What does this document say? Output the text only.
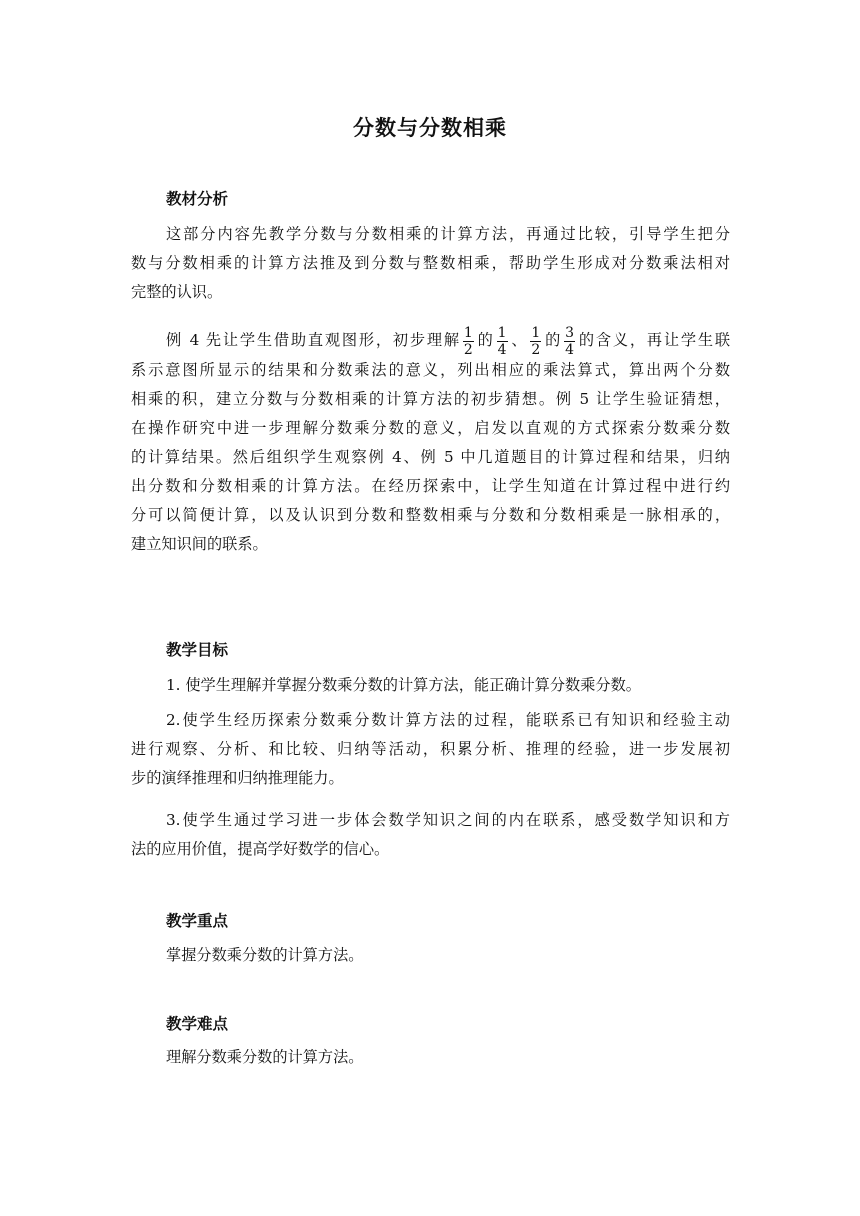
分数与分数相乘
教材分析
这部分内容先教学分数与分数相乘的计算方法，再通过比较，引导学生把分
数与分数相乘的计算方法推及到分数与整数相乘，帮助学生形成对分数乘法相对
完整的认识。
例 4 先让学生借助直观图形，初步理解 $\frac{1}{2}$ 的 $\frac{1}{4}$ 、 $\frac{1}{2}$ 的 $\frac{3}{4}$ 的含义，再让学生联
系示意图所显示的结果和分数乘法的意义，列出相应的乘法算式，算出两个分数
相乘的积，建立分数与分数相乘的计算方法的初步猜想。例 5 让学生验证猜想，
在操作研究中进一步理解分数乘分数的意义，启发以直观的方式探索分数乘分数
的计算结果。然后组织学生观察例 4、例 5 中几道题目的计算过程和结果，归纳
出分数和分数相乘的计算方法。在经历探索中，让学生知道在计算过程中进行约
分可以简便计算，以及认识到分数和整数相乘与分数和分数相乘是一脉相承的，
建立知识间的联系。
教学目标
1. 使学生理解并掌握分数乘分数的计算方法，能正确计算分数乘分数。
2.使学生经历探索分数乘分数计算方法的过程，能联系已有知识和经验主动
进行观察、分析、和比较、归纳等活动，积累分析、推理的经验，进一步发展初
步的演绎推理和归纳推理能力。
3.使学生通过学习进一步体会数学知识之间的内在联系，感受数学知识和方
法的应用价值，提高学好数学的信心。
教学重点
掌握分数乘分数的计算方法。
教学难点
理解分数乘分数的计算方法。
